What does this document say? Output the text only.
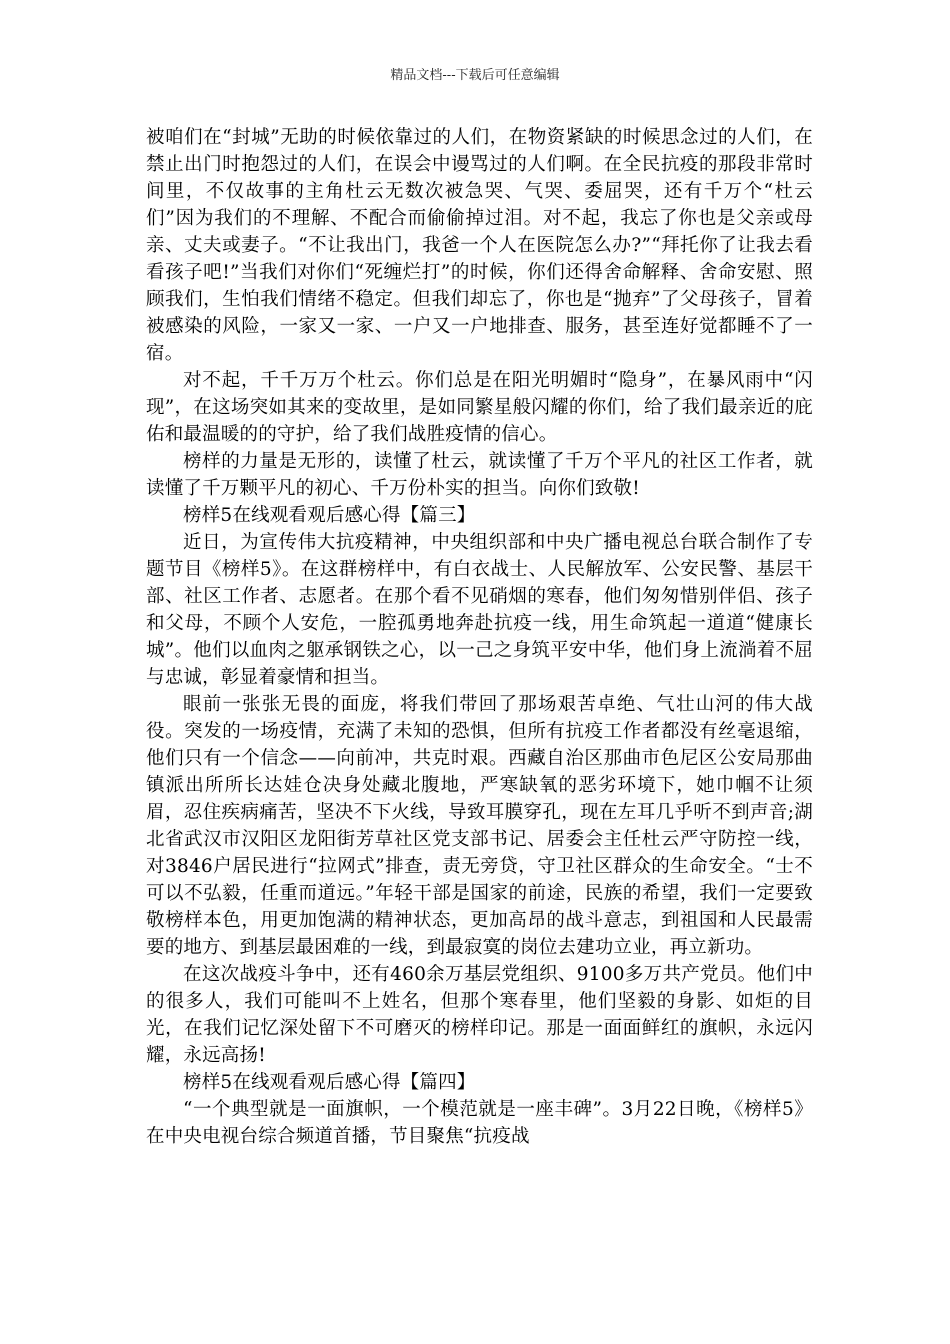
精品文档---下载后可任意编辑

被咱们在“封城”无助的时候依靠过的人们，在物资紧缺的时候思念过的人们，在禁止出门时抱怨过的人们，在误会中谩骂过的人们啊。在全民抗疫的那段非常时间里，不仅故事的主角杜云无数次被急哭、气哭、委屈哭，还有千万个“杜云们”因为我们的不理解、不配合而偷偷掉过泪。对不起，我忘了你也是父亲或母亲、丈夫或妻子。“不让我出门，我爸一个人在医院怎么办?”“拜托你了让我去看看孩子吧!”当我们对你们“死缠烂打”的时候，你们还得舍命解释、舍命安慰、照顾我们，生怕我们情绪不稳定。但我们却忘了，你也是“抛弃”了父母孩子，冒着被感染的风险，一家又一家、一户又一户地排查、服务，甚至连好觉都睡不了一宿。

对不起，千千万万个杜云。你们总是在阳光明媚时“隐身”，在暴风雨中“闪现”，在这场突如其来的变故里，是如同繁星般闪耀的你们，给了我们最亲近的庇佑和最温暖的的守护，给了我们战胜疫情的信心。

榜样的力量是无形的，读懂了杜云，就读懂了千万个平凡的社区工作者，就读懂了千万颗平凡的初心、千万份朴实的担当。向你们致敬!

榜样5在线观看观后感心得【篇三】

近日，为宣传伟大抗疫精神，中央组织部和中央广播电视总台联合制作了专题节目《榜样5》。在这群榜样中，有白衣战士、人民解放军、公安民警、基层干部、社区工作者、志愿者。在那个看不见硝烟的寒春，他们匆匆惜别伴侣、孩子和父母，不顾个人安危，一腔孤勇地奔赴抗疫一线，用生命筑起一道道“健康长城”。他们以血肉之躯承钢铁之心，以一己之身筑平安中华，他们身上流淌着不屈与忠诚，彰显着豪情和担当。

眼前一张张无畏的面庞，将我们带回了那场艰苦卓绝、气壮山河的伟大战役。突发的一场疫情，充满了未知的恐惧，但所有抗疫工作者都没有丝毫退缩，他们只有一个信念——向前冲，共克时艰。西藏自治区那曲市色尼区公安局那曲镇派出所所长达娃仓决身处藏北腹地，严寒缺氧的恶劣环境下，她巾帼不让须眉，忍住疾病痛苦，坚决不下火线，导致耳膜穿孔，现在左耳几乎听不到声音;湖北省武汉市汉阳区龙阳街芳草社区党支部书记、居委会主任杜云严守防控一线，对3846户居民进行“拉网式”排查，责无旁贷，守卫社区群众的生命安全。“士不可以不弘毅，任重而道远。”年轻干部是国家的前途，民族的希望，我们一定要致敬榜样本色，用更加饱满的精神状态，更加高昂的战斗意志，到祖国和人民最需要的地方、到基层最困难的一线，到最寂寞的岗位去建功立业，再立新功。

在这次战疫斗争中，还有460余万基层党组织、9100多万共产党员。他们中的很多人，我们可能叫不上姓名，但那个寒春里，他们坚毅的身影、如炬的目光，在我们记忆深处留下不可磨灭的榜样印记。那是一面面鲜红的旗帜，永远闪耀，永远高扬!

榜样5在线观看观后感心得【篇四】

“一个典型就是一面旗帜，一个模范就是一座丰碑”。3月22日晚，《榜样5》在中央电视台综合频道首播，节目聚焦“抗疫战
